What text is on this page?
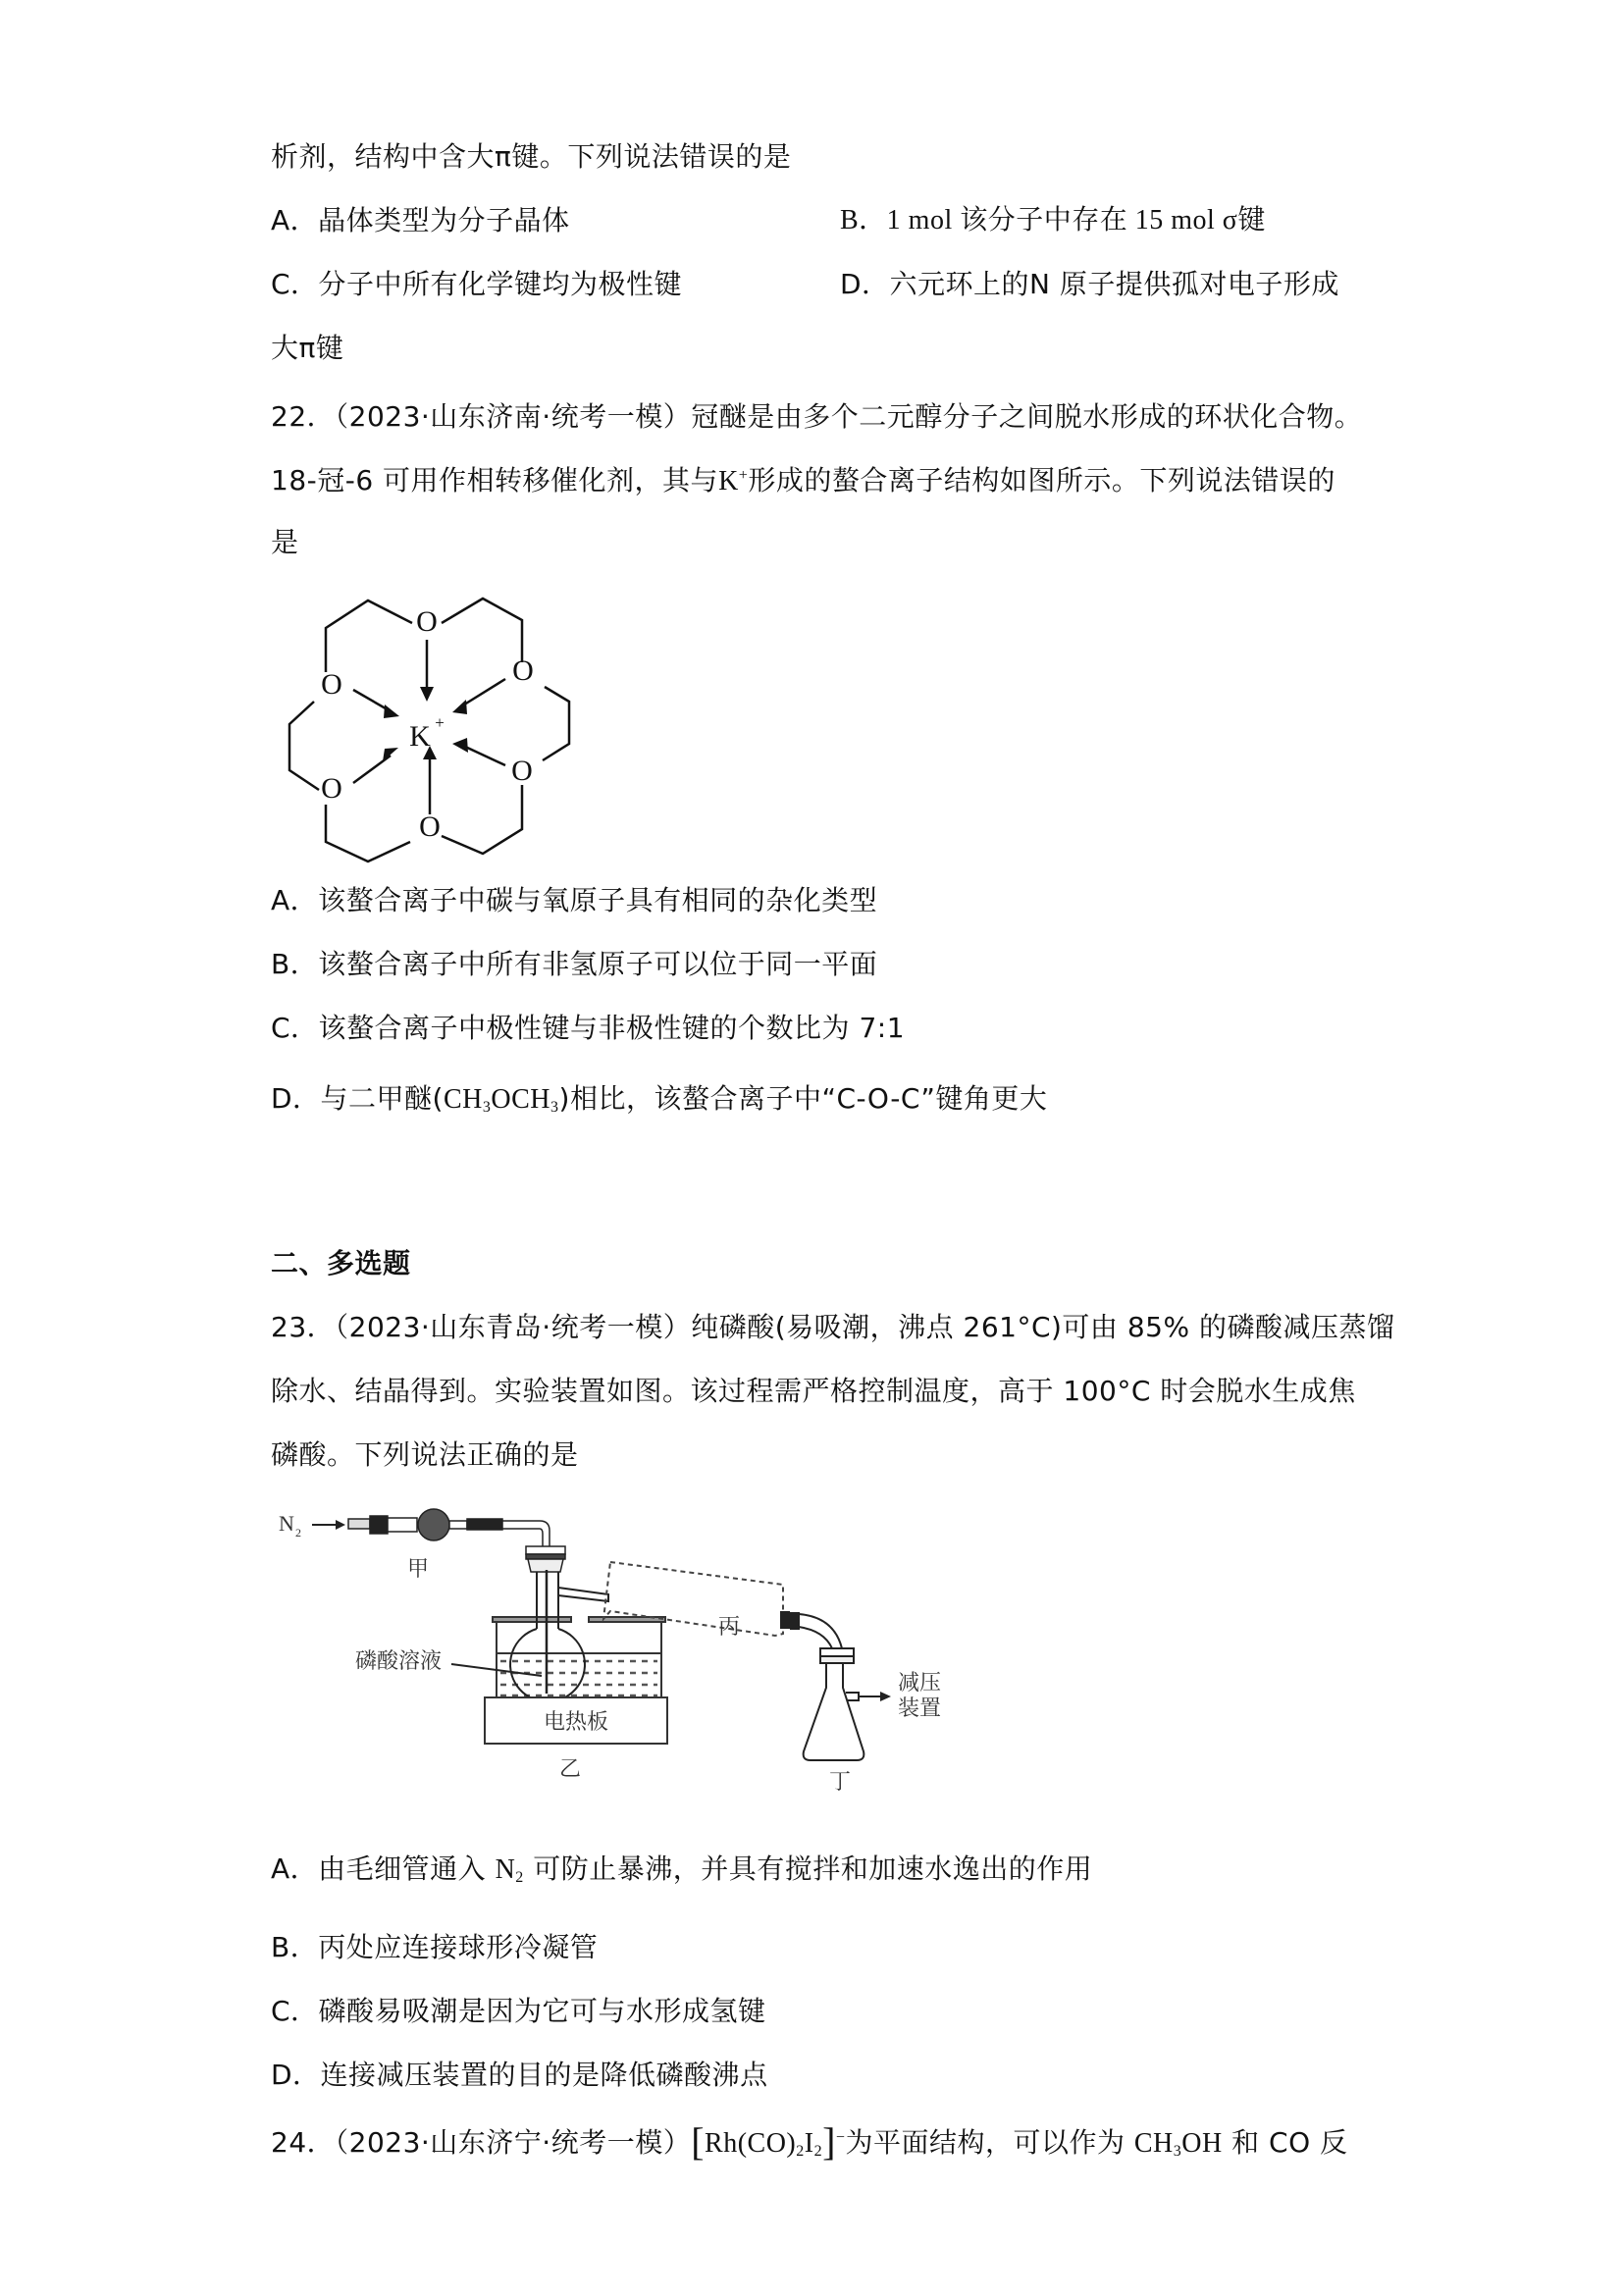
析剂，结构中含大π键。下列说法错误的是
A．晶体类型为分子晶体	B．1 mol 该分子中存在 15 mol σ键
C．分子中所有化学键均为极性键	D．六元环上的N 原子提供孤对电子形成
大π键
22．（2023·山东济南·统考一模）冠醚是由多个二元醇分子之间脱水形成的环状化合物。
18-冠-6 可用作相转移催化剂，其与K+形成的螯合离子结构如图所示。下列说法错误的
是
O
O	O
O
O
O
K +
A．该螯合离子中碳与氧原子具有相同的杂化类型
B．该螯合离子中所有非氢原子可以位于同一平面
C．该螯合离子中极性键与非极性键的个数比为 7:1
D．与二甲醚$(CH_3OCH_3)$相比，该螯合离子中“C-O-C”键角更大
二、多选题
23．（2023·山东青岛·统考一模）纯磷酸(易吸潮，沸点 261°C)可由 85% 的磷酸减压蒸馏
除水、结晶得到。实验装置如图。该过程需严格控制温度，高于 100°C 时会脱水生成焦
磷酸。下列说法正确的是
N 2
甲
磷酸溶液
电热板
乙
丙
减压
装置
丁
A．由毛细管通入 $N_2$ 可防止暴沸，并具有搅拌和加速水逸出的作用
B．丙处应连接球形冷凝管
C．磷酸易吸潮是因为它可与水形成氢键
D．连接减压装置的目的是降低磷酸沸点
24．（2023·山东济宁·统考一模）$[Rh(CO)_2I_2]^-$为平面结构，可以作为 $CH_3OH$ 和 CO 反
